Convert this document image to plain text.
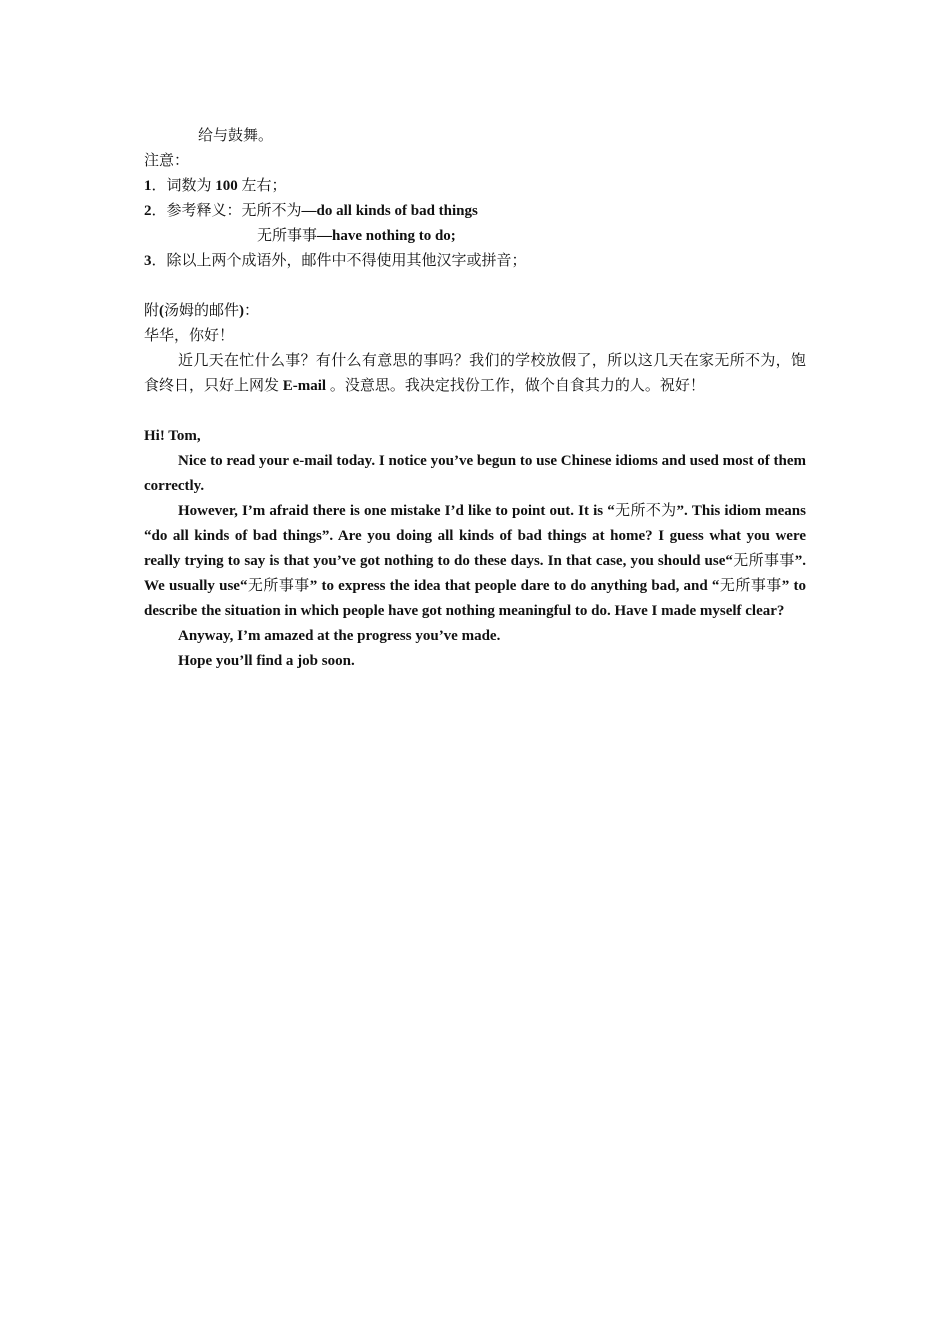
给与鼓舞。
注意：
1．词数为 100 左右；
2．参考释义：无所不为—do all kinds of bad things
无所事事—have nothing to do;
3．除以上两个成语外，邮件中不得使用其他汉字或拼音；
附(汤姆的邮件)：
华华，你好！

近几天在忙什么事？有什么有意思的事吗？我们的学校放假了，所以这几天在家无所不为，饱食终日，只好上网发 E-mail 。没意思。我决定找份工作，做个自食其力的人。祝好！

Hi! Tom,

Nice to read your e-mail today. I notice you’ve begun to use Chinese idioms and used most of them correctly.

However, I’m afraid there is one mistake I’d like to point out. It is “无所不为”. This idiom means “do all kinds of bad things”. Are you doing all kinds of bad things at home? I guess what you were really trying to say is that you’ve got nothing to do these days. In that case, you should use“无所事事”. We usually use“无所事事” to express the idea that people dare to do anything bad, and “无所事事” to describe the situation in which people have got nothing meaningful to do. Have I made myself clear?

Anyway, I’m amazed at the progress you’ve made.

Hope you’ll find a job soon.
